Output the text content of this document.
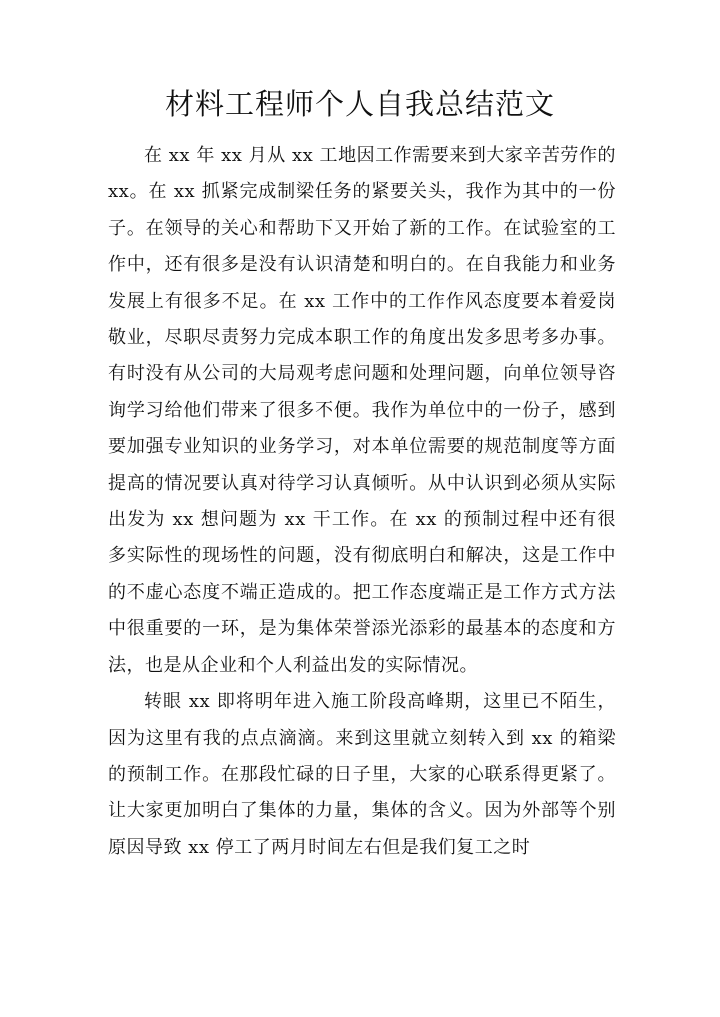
材料工程师个人自我总结范文

在 xx 年 xx 月从 xx 工地因工作需要来到大家辛苦劳作的 xx。在 xx 抓紧完成制梁任务的紧要关头，我作为其中的一份子。在领导的关心和帮助下又开始了新的工作。在试验室的工作中，还有很多是没有认识清楚和明白的。在自我能力和业务发展上有很多不足。在 xx 工作中的工作作风态度要本着爱岗敬业，尽职尽责努力完成本职工作的角度出发多思考多办事。有时没有从公司的大局观考虑问题和处理问题，向单位领导咨询学习给他们带来了很多不便。我作为单位中的一份子，感到要加强专业知识的业务学习，对本单位需要的规范制度等方面提高的情况要认真对待学习认真倾听。从中认识到必须从实际出发为 xx 想问题为 xx 干工作。在 xx 的预制过程中还有很多实际性的现场性的问题，没有彻底明白和解决，这是工作中的不虚心态度不端正造成的。把工作态度端正是工作方式方法中很重要的一环，是为集体荣誉添光添彩的最基本的态度和方法，也是从企业和个人利益出发的实际情况。

转眼 xx 即将明年进入施工阶段高峰期，这里已不陌生，因为这里有我的点点滴滴。来到这里就立刻转入到 xx 的箱梁的预制工作。在那段忙碌的日子里，大家的心联系得更紧了。让大家更加明白了集体的力量，集体的含义。因为外部等个别原因导致 xx 停工了两月时间左右但是我们复工之时
